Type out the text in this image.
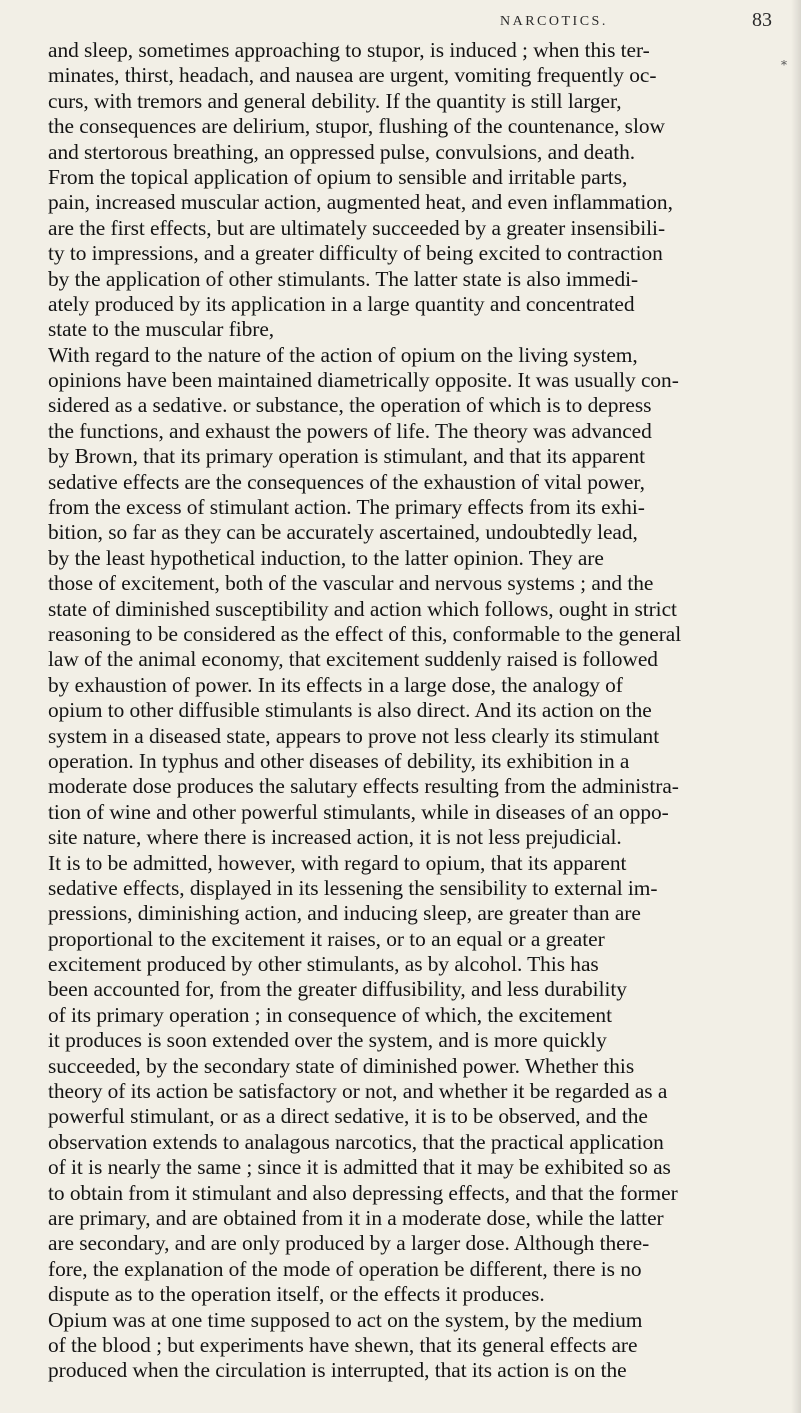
NARCOTICS.	83
*
and sleep, sometimes approaching to stupor, is induced ; when this ter-
minates, thirst, headach, and nausea are urgent, vomiting frequently oc-
curs, with tremors and general debility. If the quantity is still larger,
the consequences are delirium, stupor, flushing of the countenance, slow
and stertorous breathing, an oppressed pulse, convulsions, and death.
From the topical application of opium to sensible and irritable parts,
pain, increased muscular action, augmented heat, and even inflammation,
are the first effects, but are ultimately succeeded by a greater insensibili-
ty to impressions, and a greater difficulty of being excited to contraction
by the application of other stimulants. The latter state is also immedi-
ately produced by its application in a large quantity and concentrated
state to the muscular fibre,
With regard to the nature of the action of opium on the living system,
opinions have been maintained diametrically opposite. It was usually con-
sidered as a sedative. or substance, the operation of which is to depress
the functions, and exhaust the powers of life. The theory was advanced
by Brown, that its primary operation is stimulant, and that its apparent
sedative effects are the consequences of the exhaustion of vital power,
from the excess of stimulant action. The primary effects from its exhi-
bition, so far as they can be accurately ascertained, undoubtedly lead,
by the least hypothetical induction, to the latter opinion. They are
those of excitement, both of the vascular and nervous systems ; and the
state of diminished susceptibility and action which follows, ought in strict
reasoning to be considered as the effect of this, conformable to the general
law of the animal economy, that excitement suddenly raised is followed
by exhaustion of power. In its effects in a large dose, the analogy of
opium to other diffusible stimulants is also direct. And its action on the
system in a diseased state, appears to prove not less clearly its stimulant
operation. In typhus and other diseases of debility, its exhibition in a
moderate dose produces the salutary effects resulting from the administra-
tion of wine and other powerful stimulants, while in diseases of an oppo-
site nature, where there is increased action, it is not less prejudicial.
It is to be admitted, however, with regard to opium, that its apparent
sedative effects, displayed in its lessening the sensibility to external im-
pressions, diminishing action, and inducing sleep, are greater than are
proportional to the excitement it raises, or to an equal or a greater
excitement produced by other stimulants, as by alcohol. This has
been accounted for, from the greater diffusibility, and less durability
of its primary operation ; in consequence of which, the excitement
it produces is soon extended over the system, and is more quickly
succeeded, by the secondary state of diminished power. Whether this
theory of its action be satisfactory or not, and whether it be regarded as a
powerful stimulant, or as a direct sedative, it is to be observed, and the
observation extends to analagous narcotics, that the practical application
of it is nearly the same ; since it is admitted that it may be exhibited so as
to obtain from it stimulant and also depressing effects, and that the former
are primary, and are obtained from it in a moderate dose, while the latter
are secondary, and are only produced by a larger dose. Although there-
fore, the explanation of the mode of operation be different, there is no
dispute as to the operation itself, or the effects it produces.
Opium was at one time supposed to act on the system, by the medium
of the blood ; but experiments have shewn, that its general effects are
produced when the circulation is interrupted, that its action is on the
